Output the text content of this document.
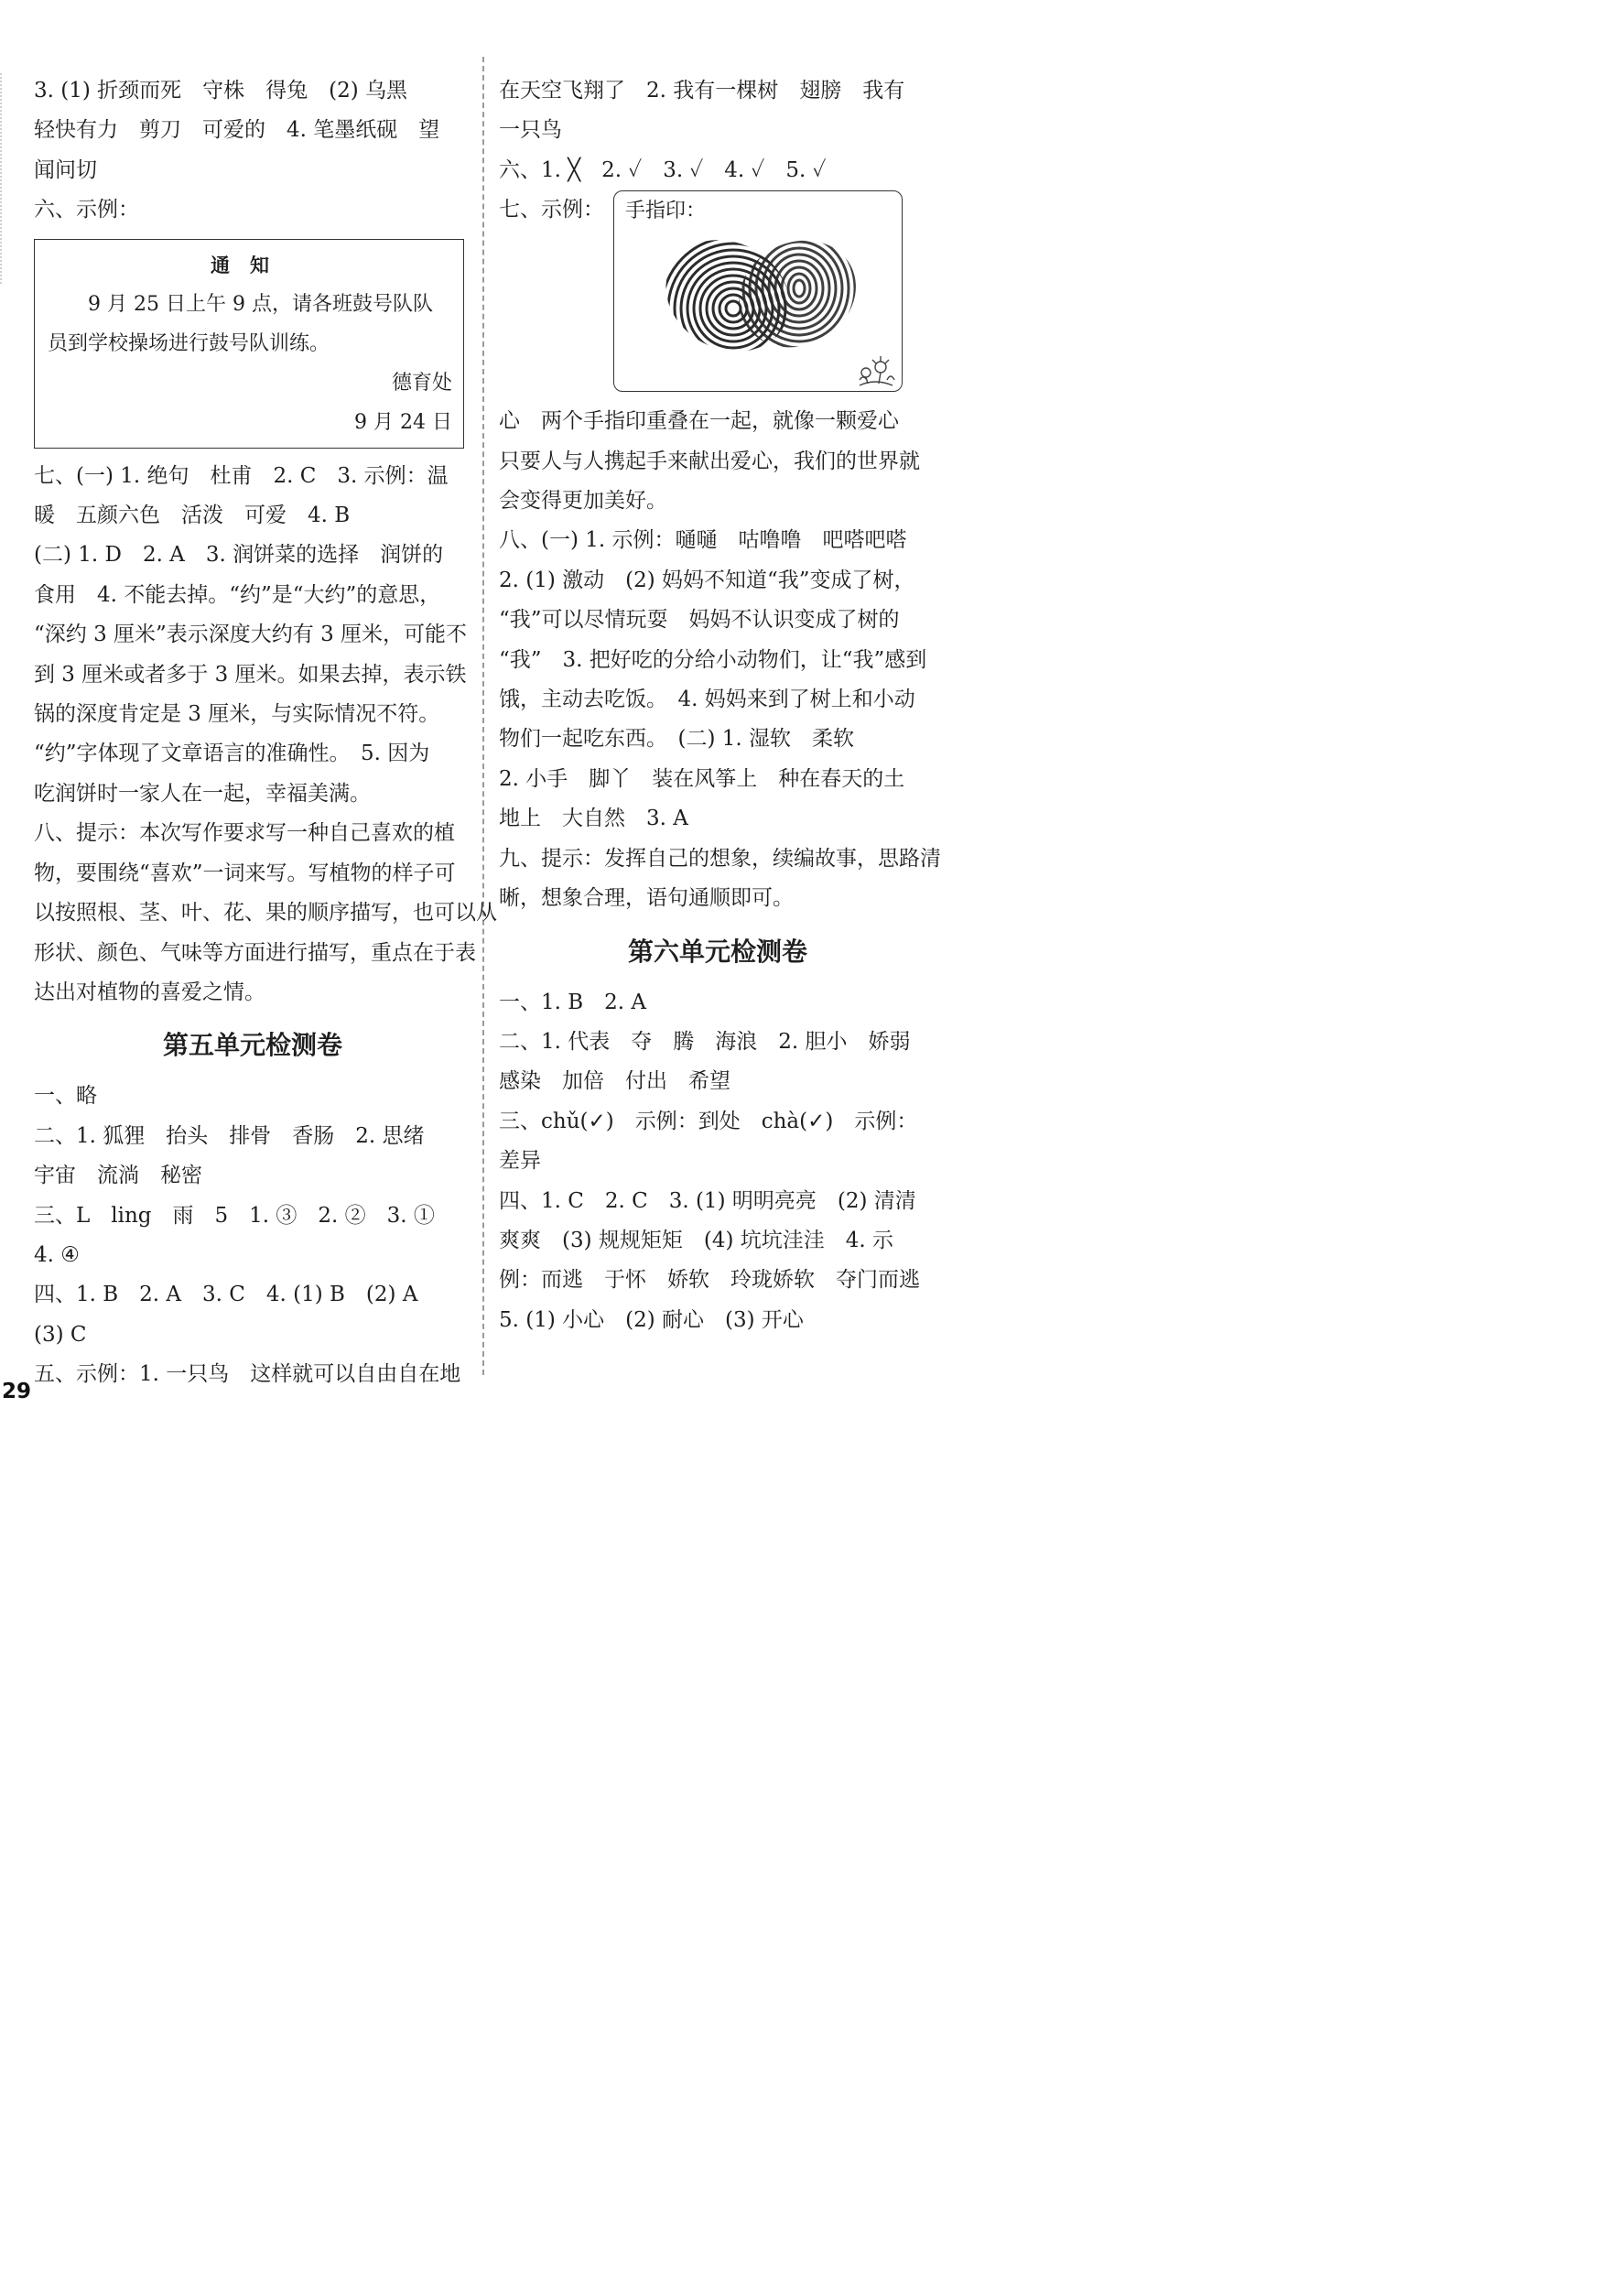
3. (1) 折颈而死　守株　得兔　(2) 乌黑

轻快有力　剪刀　可爱的　4. 笔墨纸砚　望

闻问切

六、示例：

通知
9 月 25 日上午 9 点，请各班鼓号队队员到学校操场进行鼓号队训练。
德育处
9 月 24 日

七、(一) 1. 绝句　杜甫　2. C　3. 示例：温

暖　五颜六色　活泼　可爱　4. B

(二) 1. D　2. A　3. 润饼菜的选择　润饼的

食用　4. 不能去掉。“约”是“大约”的意思，

“深约 3 厘米”表示深度大约有 3 厘米，可能不

到 3 厘米或者多于 3 厘米。如果去掉，表示铁

锅的深度肯定是 3 厘米，与实际情况不符。

“约”字体现了文章语言的准确性。　5. 因为

吃润饼时一家人在一起，幸福美满。

八、提示：本次写作要求写一种自己喜欢的植

物，要围绕“喜欢”一词来写。写植物的样子可

以按照根、茎、叶、花、果的顺序描写，也可以从

形状、颜色、气味等方面进行描写，重点在于表

达出对植物的喜爱之情。

第五单元检测卷

一、略

二、1. 狐狸　抬头　排骨　香肠　2. 思绪

宇宙　流淌　秘密

三、L　ling　雨　5　1. ③　2. ②　3. ①

4. ④

四、1. B　2. A　3. C　4. (1) B　(2) A

(3) C

五、示例：1. 一只鸟　这样就可以自由自在地

在天空飞翔了　2. 我有一棵树　翅膀　我有

一只鸟

六、1. ╳　2. ✓　3. ✓　4. ✓　5. ✓

七、示例： 手指印：

心　两个手指印重叠在一起，就像一颗爱心

只要人与人携起手来献出爱心，我们的世界就

会变得更加美好。

八、(一) 1. 示例：嗵嗵　咕噜噜　吧嗒吧嗒

2. (1) 激动　(2) 妈妈不知道“我”变成了树，

“我”可以尽情玩耍　妈妈不认识变成了树的

“我”　3. 把好吃的分给小动物们，让“我”感到

饿，主动去吃饭。　4. 妈妈来到了树上和小动

物们一起吃东西。　(二) 1. 湿软　柔软

2. 小手　脚丫　装在风筝上　种在春天的土

地上　大自然　3. A

九、提示：发挥自己的想象，续编故事，思路清

晰，想象合理，语句通顺即可。

第六单元检测卷

一、1. B　2. A

二、1. 代表　夺　腾　海浪　2. 胆小　娇弱

感染　加倍　付出　希望

三、chǔ(✓)　示例：到处　chà(✓)　示例：

差异

四、1. C　2. C　3. (1) 明明亮亮　(2) 清清

爽爽　(3) 规规矩矩　(4) 坑坑洼洼　4. 示

例：而逃　于怀　娇软　玲珑娇软　夺门而逃

5. (1) 小心　(2) 耐心　(3) 开心

29
